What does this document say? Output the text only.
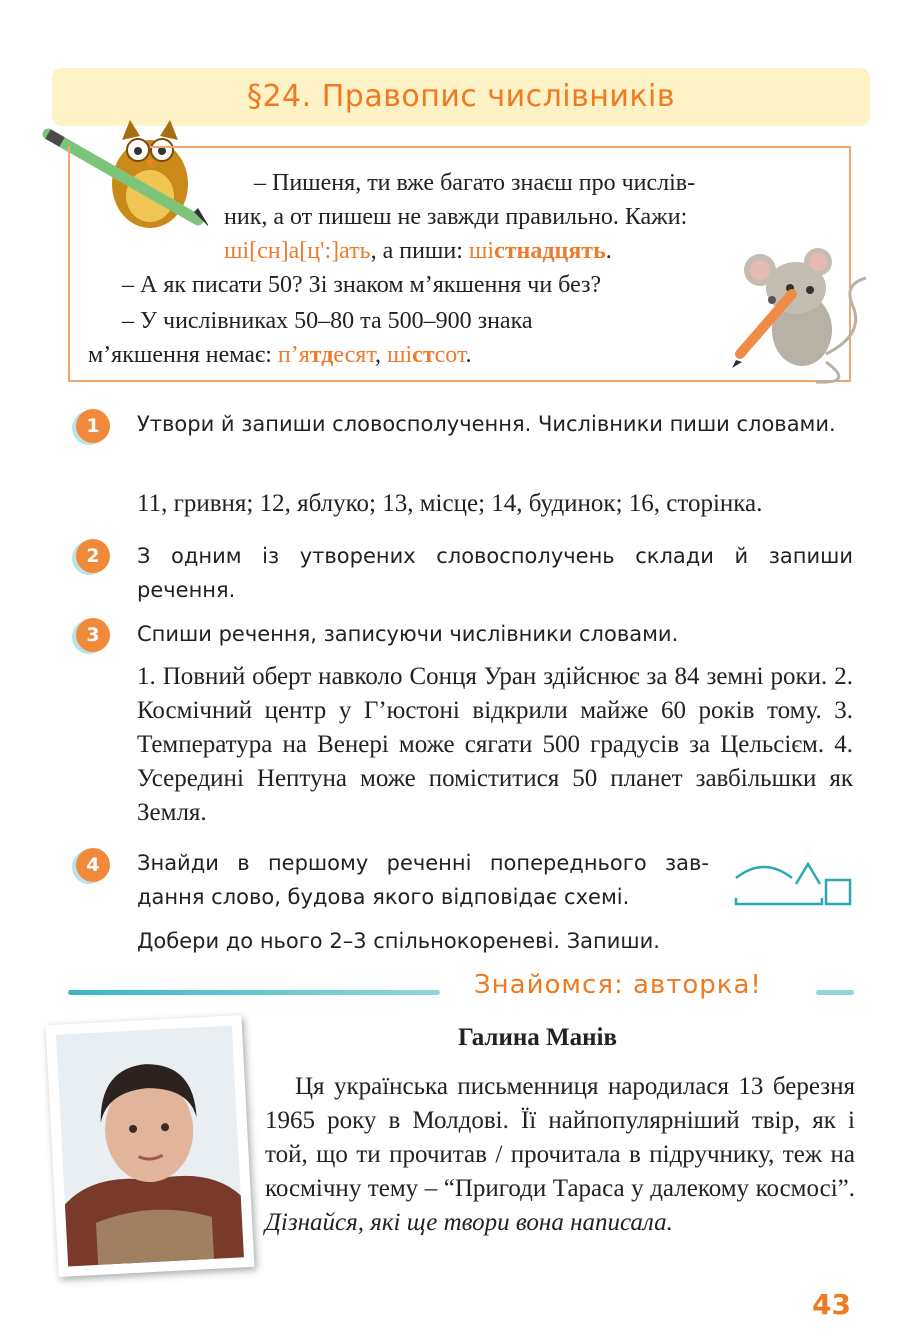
§24. Правопис числівників
– Пишеня, ти вже багато знаєш про числів-
ник, а от пишеш не завжди правильно. Кажи:
ші[сн]а[ц':]ать, а пиши: шістнадцять.
– А як писати 50? Зі знаком м’якшення чи без?
– У числівниках 50–80 та 500–900 знака
м’якшення немає: п’ятдесят, шістсот.
1	Утвори й запиши словосполучення. Числівники пиши словами.
11, гривня; 12, яблуко; 13, місце; 14, будинок; 16, сторінка.
2	З одним із утворених словосполучень склади й запиши речення.
3	Спиши речення, записуючи числівники словами.
1. Повний оберт навколо Сонця Уран здійснює за 84 земні роки. 2. Космічний центр у Г’юстоні відкрили майже 60 років тому. 3. Температура на Венері може сягати 500 градусів за Цельсієм. 4. Усередині Нептуна може поміститися 50 планет завбільшки як Земля.
4	Знайди в першому реченні попереднього завдання слово, будова якого відповідає схемі.
Добери до нього 2–3 спільнокореневі. Запиши.
Знайомся: авторка!
Галина Манів
Ця українська письменниця народилася 13 березня 1965 року в Молдові. Її найпопулярніший твір, як і той, що ти прочитав / прочитала в підручнику, теж на космічну тему – “Пригоди Тараса у далекому космосі”. Дізнайся, які ще твори вона написала.
43
